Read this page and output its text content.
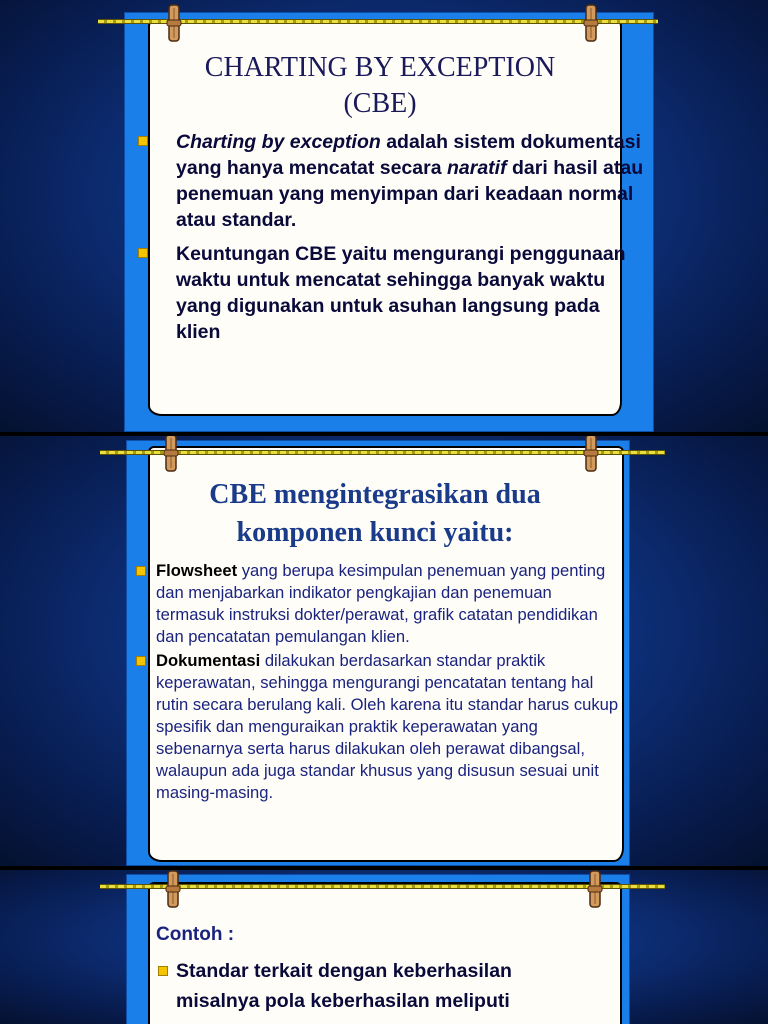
CHARTING BY EXCEPTION
(CBE)
Charting by exception adalah sistem dokumentasi yang hanya mencatat secara naratif dari hasil atau penemuan yang menyimpan dari keadaan normal atau standar.
Keuntungan CBE yaitu mengurangi penggunaan waktu untuk mencatat sehingga banyak waktu yang digunakan untuk asuhan langsung pada klien
CBE mengintegrasikan dua
komponen kunci yaitu:
Flowsheet yang berupa kesimpulan penemuan yang penting dan menjabarkan indikator pengkajian dan penemuan termasuk instruksi dokter/perawat, grafik catatan pendidikan dan pencatatan pemulangan klien.
Dokumentasi dilakukan berdasarkan standar praktik keperawatan, sehingga mengurangi pencatatan tentang hal rutin secara berulang kali. Oleh karena itu standar harus cukup spesifik dan menguraikan praktik keperawatan yang sebenarnya serta harus dilakukan oleh perawat dibangsal, walaupun ada juga standar khusus yang disusun sesuai unit masing-masing.
Contoh :
Standar terkait dengan keberhasilan
misalnya pola keberhasilan meliputi
